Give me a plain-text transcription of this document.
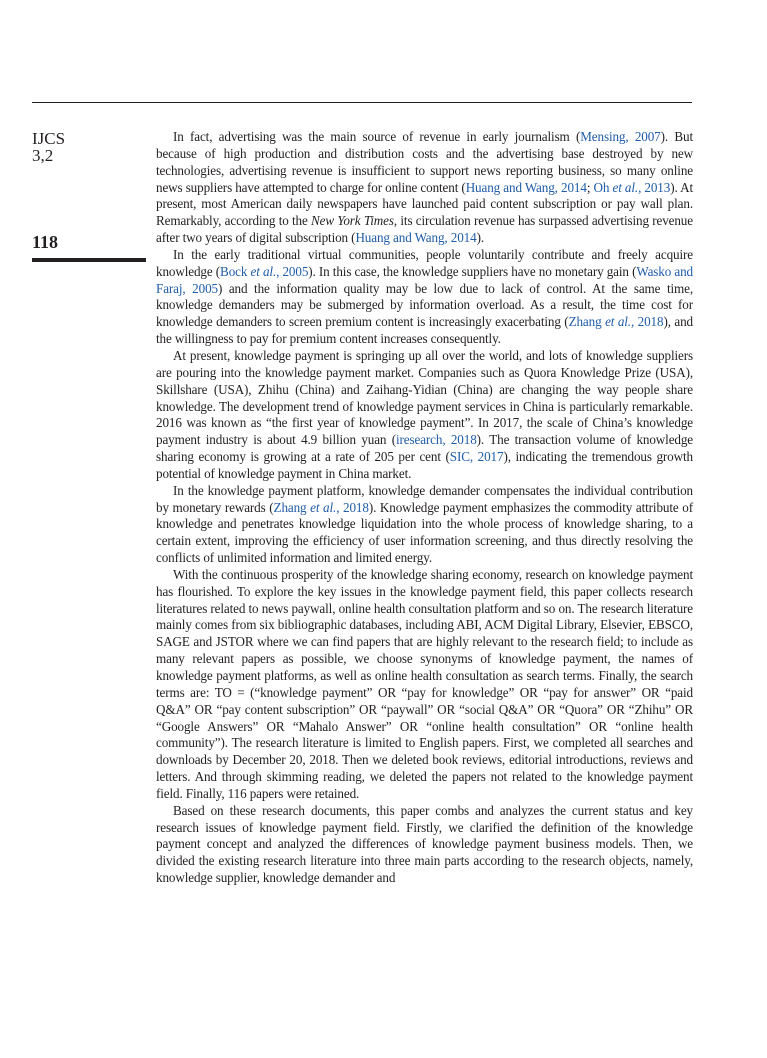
IJCS
3,2
118

In fact, advertising was the main source of revenue in early journalism (Mensing, 2007). But because of high production and distribution costs and the advertising base destroyed by new technologies, advertising revenue is insufficient to support news reporting business, so many online news suppliers have attempted to charge for online content (Huang and Wang, 2014; Oh et al., 2013). At present, most American daily newspapers have launched paid content subscription or pay wall plan. Remarkably, according to the New York Times, its circulation revenue has surpassed advertising revenue after two years of digital subscription (Huang and Wang, 2014).

In the early traditional virtual communities, people voluntarily contribute and freely acquire knowledge (Bock et al., 2005). In this case, the knowledge suppliers have no monetary gain (Wasko and Faraj, 2005) and the information quality may be low due to lack of control. At the same time, knowledge demanders may be submerged by information overload. As a result, the time cost for knowledge demanders to screen premium content is increasingly exacerbating (Zhang et al., 2018), and the willingness to pay for premium content increases consequently.

At present, knowledge payment is springing up all over the world, and lots of knowledge suppliers are pouring into the knowledge payment market. Companies such as Quora Knowledge Prize (USA), Skillshare (USA), Zhihu (China) and Zaihang-Yidian (China) are changing the way people share knowledge. The development trend of knowledge payment services in China is particularly remarkable. 2016 was known as “the first year of knowledge payment”. In 2017, the scale of China’s knowledge payment industry is about 4.9 billion yuan (iresearch, 2018). The transaction volume of knowledge sharing economy is growing at a rate of 205 per cent (SIC, 2017), indicating the tremendous growth potential of knowledge payment in China market.

In the knowledge payment platform, knowledge demander compensates the individual contribution by monetary rewards (Zhang et al., 2018). Knowledge payment emphasizes the commodity attribute of knowledge and penetrates knowledge liquidation into the whole process of knowledge sharing, to a certain extent, improving the efficiency of user information screening, and thus directly resolving the conflicts of unlimited information and limited energy.

With the continuous prosperity of the knowledge sharing economy, research on knowledge payment has flourished. To explore the key issues in the knowledge payment field, this paper collects research literatures related to news paywall, online health consultation platform and so on. The research literature mainly comes from six bibliographic databases, including ABI, ACM Digital Library, Elsevier, EBSCO, SAGE and JSTOR where we can find papers that are highly relevant to the research field; to include as many relevant papers as possible, we choose synonyms of knowledge payment, the names of knowledge payment platforms, as well as online health consultation as search terms. Finally, the search terms are: TO = (“knowledge payment” OR “pay for knowledge” OR “pay for answer” OR “paid Q&A” OR “pay content subscription” OR “paywall” OR “social Q&A” OR “Quora” OR “Zhihu” OR “Google Answers” OR “Mahalo Answer” OR “online health consultation” OR “online health community”). The research literature is limited to English papers. First, we completed all searches and downloads by December 20, 2018. Then we deleted book reviews, editorial introductions, reviews and letters. And through skimming reading, we deleted the papers not related to the knowledge payment field. Finally, 116 papers were retained.

Based on these research documents, this paper combs and analyzes the current status and key research issues of knowledge payment field. Firstly, we clarified the definition of the knowledge payment concept and analyzed the differences of knowledge payment business models. Then, we divided the existing research literature into three main parts according to the research objects, namely, knowledge supplier, knowledge demander and
